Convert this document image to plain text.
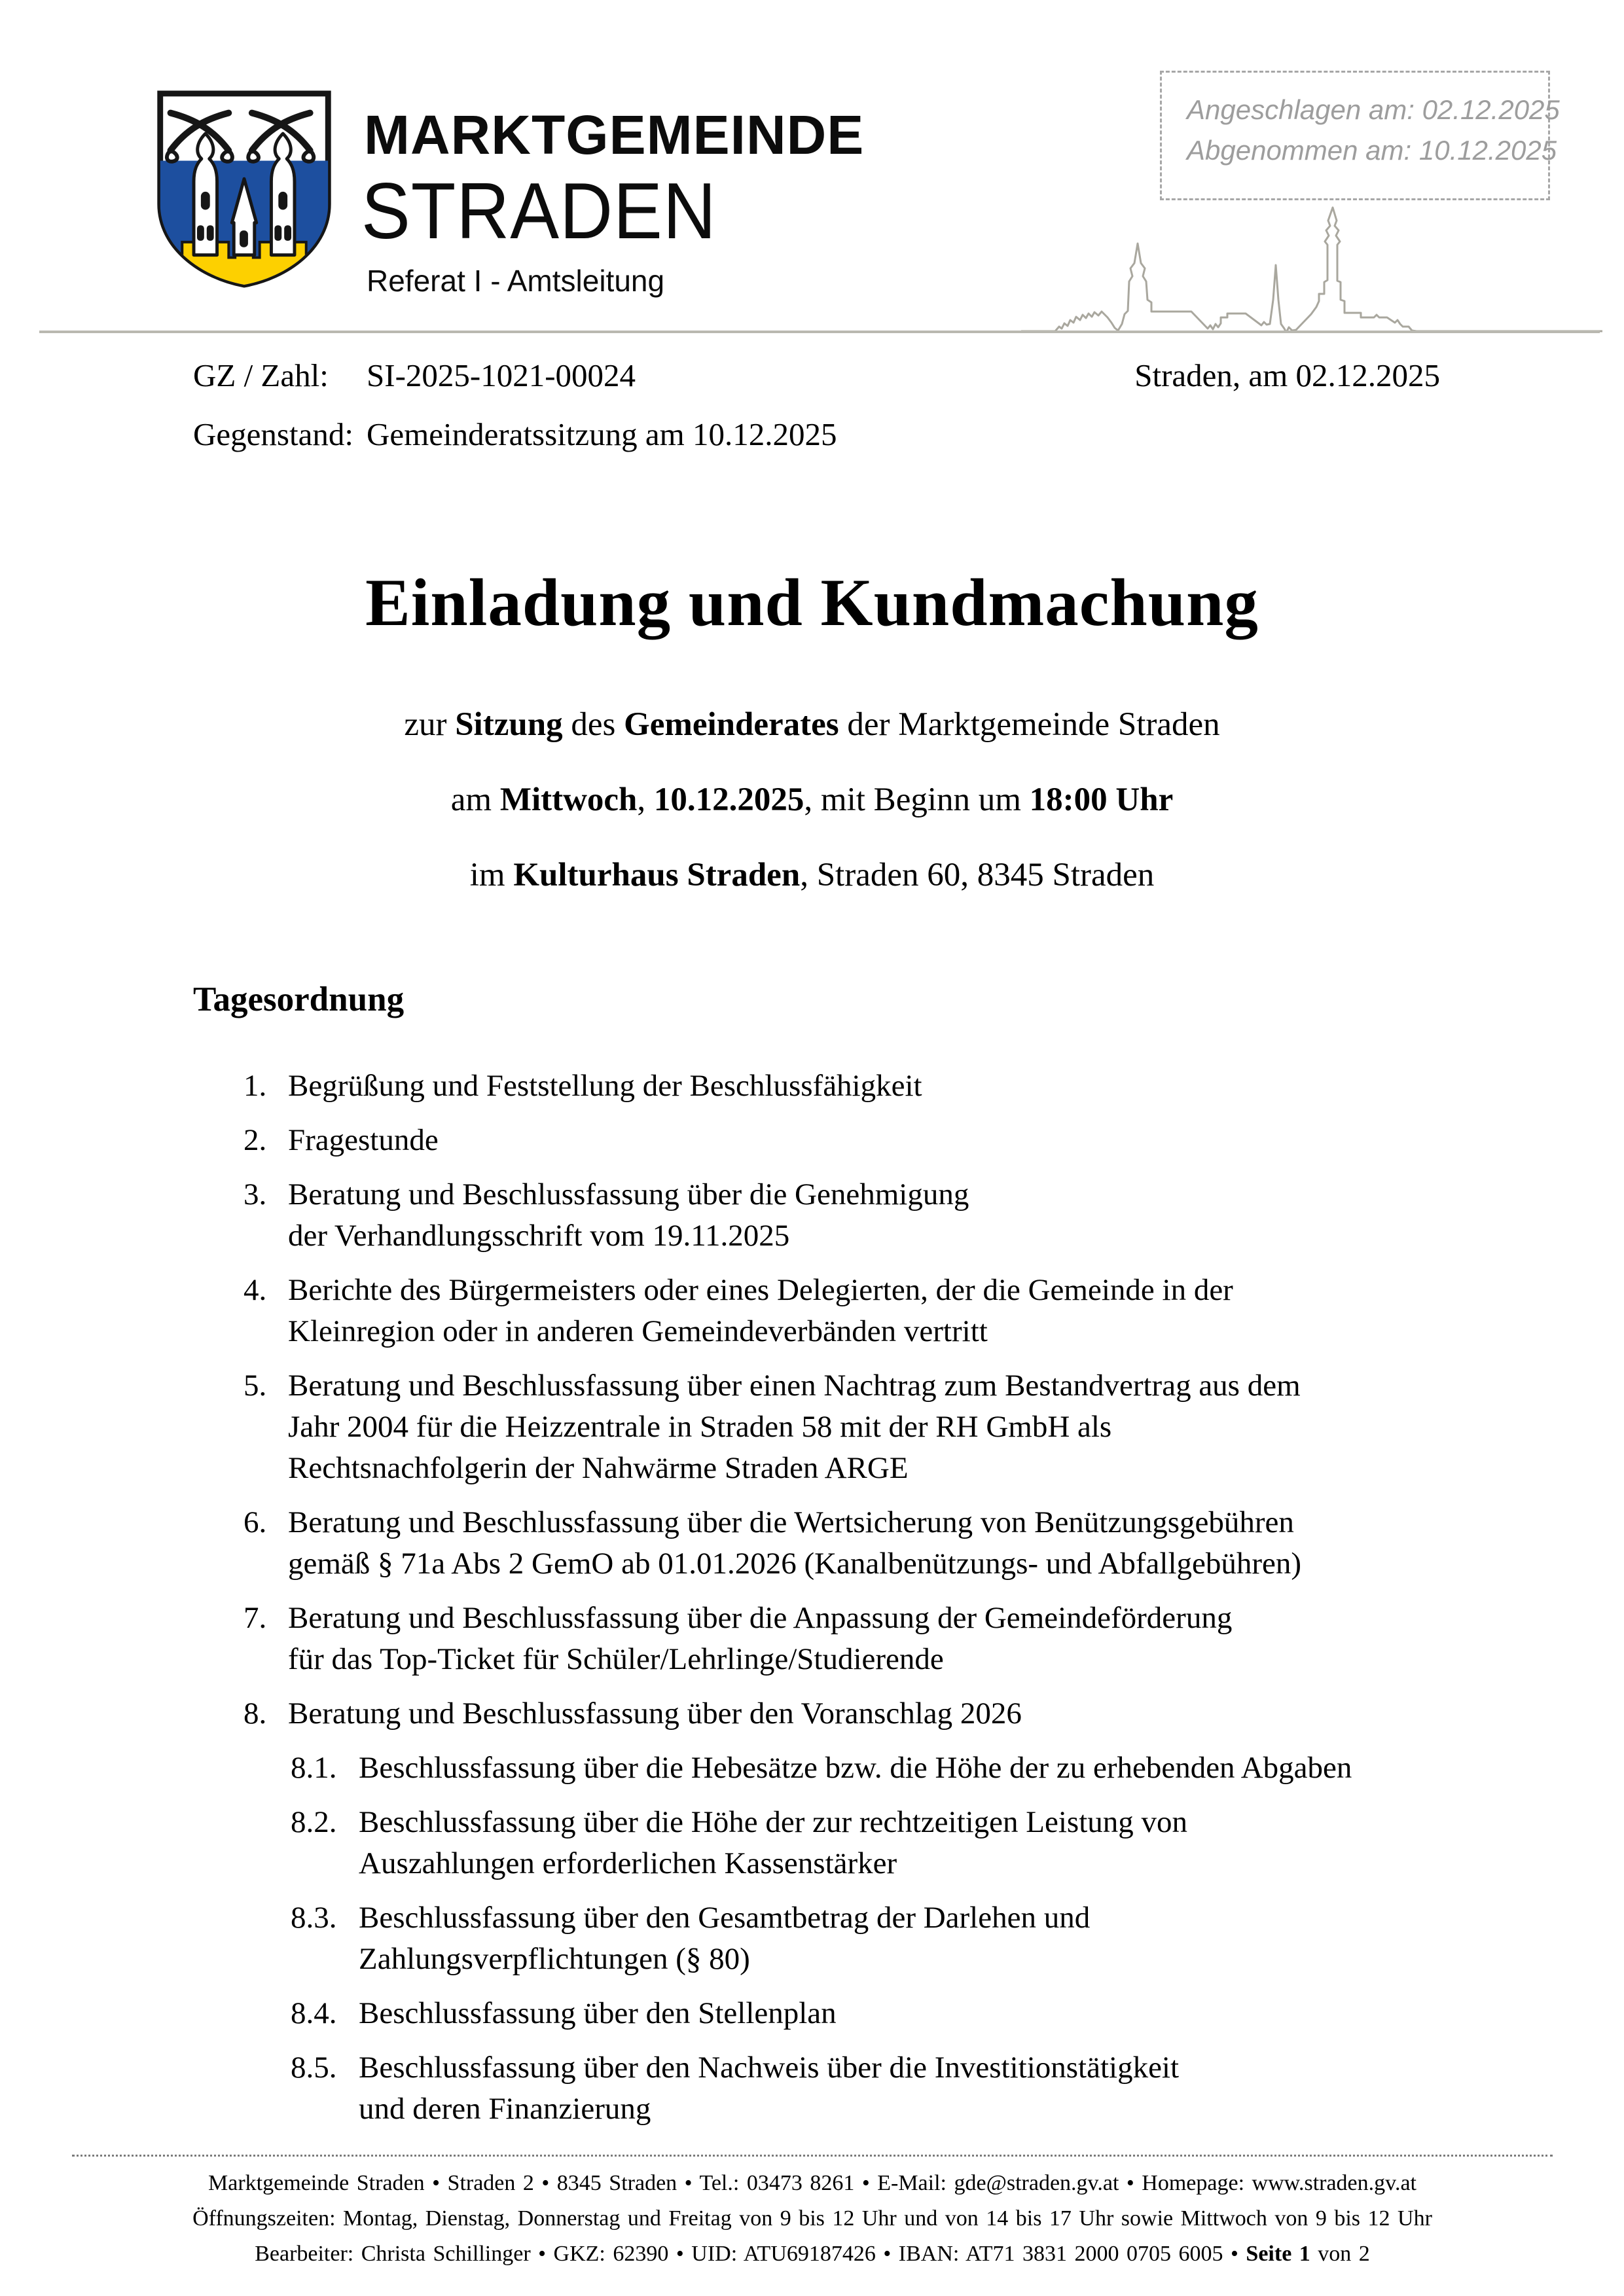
MARKTGEMEINDE
STRADEN
Referat I - Amtsleitung
Angeschlagen am: 02.12.2025
Abgenommen am: 10.12.2025
GZ / Zahl: SI-2025-1021-00024	Straden, am 02.12.2025
Gegenstand: Gemeinderatssitzung am 10.12.2025
Einladung und Kundmachung

zur Sitzung des Gemeinderates der Marktgemeinde Straden

am Mittwoch, 10.12.2025, mit Beginn um 18:00 Uhr

im Kulturhaus Straden, Straden 60, 8345 Straden

Tagesordnung
1. Begrüßung und Feststellung der Beschlussfähigkeit
2. Fragestunde
3. Beratung und Beschlussfassung über die Genehmigung
der Verhandlungsschrift vom 19.11.2025
4. Berichte des Bürgermeisters oder eines Delegierten, der die Gemeinde in der
Kleinregion oder in anderen Gemeindeverbänden vertritt
5. Beratung und Beschlussfassung über einen Nachtrag zum Bestandvertrag aus dem
Jahr 2004 für die Heizzentrale in Straden 58 mit der RH GmbH als
Rechtsnachfolgerin der Nahwärme Straden ARGE
6. Beratung und Beschlussfassung über die Wertsicherung von Benützungsgebühren
gemäß § 71a Abs 2 GemO ab 01.01.2026 (Kanalbenützungs- und Abfallgebühren)
7. Beratung und Beschlussfassung über die Anpassung der Gemeindeförderung
für das Top-Ticket für Schüler/Lehrlinge/Studierende
8. Beratung und Beschlussfassung über den Voranschlag 2026
8.1. Beschlussfassung über die Hebesätze bzw. die Höhe der zu erhebenden Abgaben
8.2. Beschlussfassung über die Höhe der zur rechtzeitigen Leistung von
Auszahlungen erforderlichen Kassenstärker
8.3. Beschlussfassung über den Gesamtbetrag der Darlehen und
Zahlungsverpflichtungen (§ 80)
8.4. Beschlussfassung über den Stellenplan
8.5. Beschlussfassung über den Nachweis über die Investitionstätigkeit
und deren Finanzierung
Marktgemeinde Straden • Straden 2 • 8345 Straden • Tel.: 03473 8261 • E-Mail: gde@straden.gv.at • Homepage: www.straden.gv.at
Öffnungszeiten: Montag, Dienstag, Donnerstag und Freitag von 9 bis 12 Uhr und von 14 bis 17 Uhr sowie Mittwoch von 9 bis 12 Uhr
Bearbeiter: Christa Schillinger • GKZ: 62390 • UID: ATU69187426 • IBAN: AT71 3831 2000 0705 6005 • Seite 1 von 2
